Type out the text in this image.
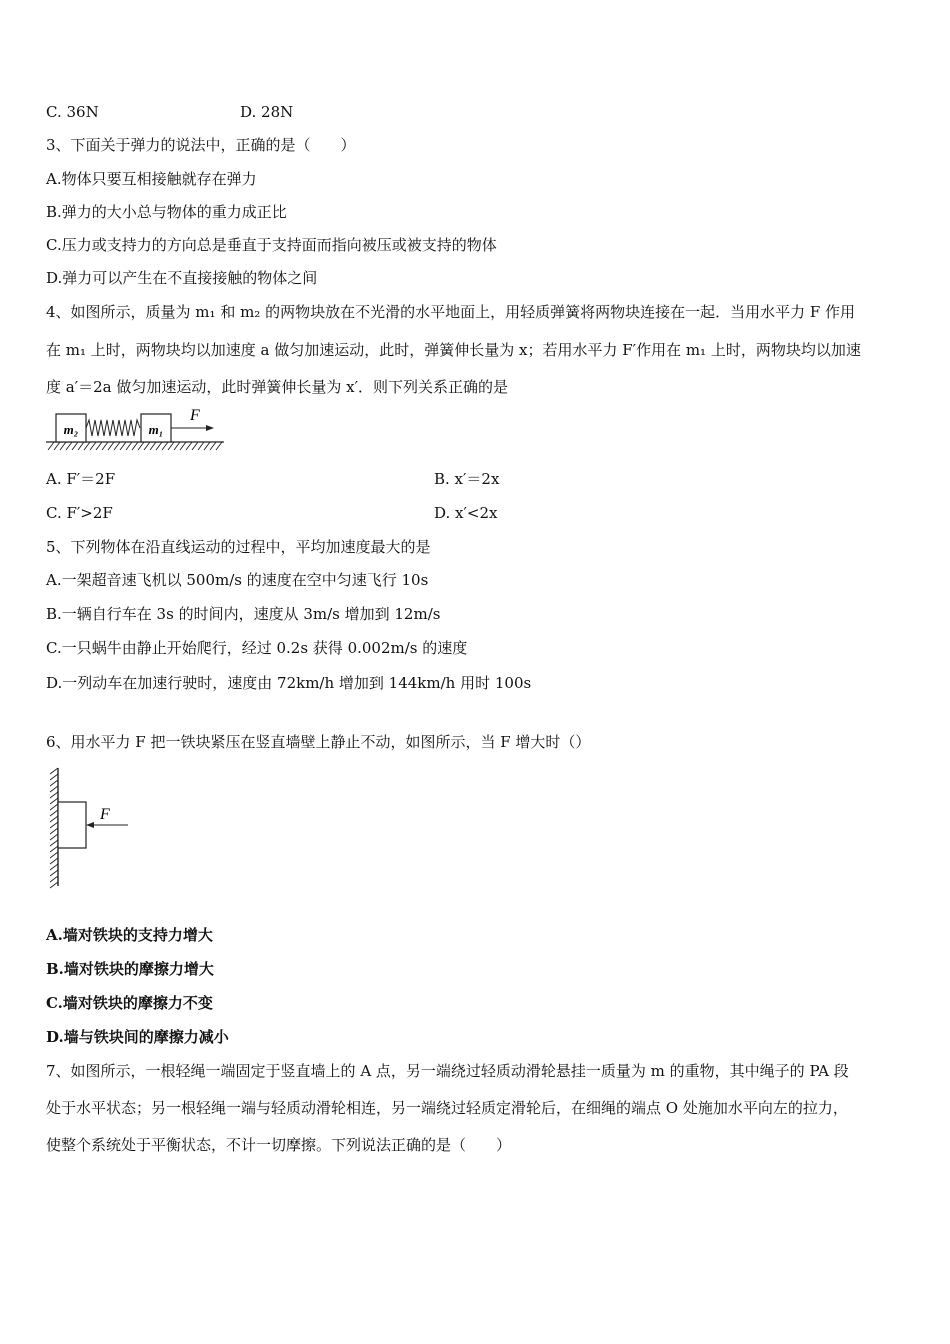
C. 36N	D. 28N
3、下面关于弹力的说法中，正确的是（　　）
A.物体只要互相接触就存在弹力
B.弹力的大小总与物体的重力成正比
C.压力或支持力的方向总是垂直于支持面而指向被压或被支持的物体
D.弹力可以产生在不直接接触的物体之间
4、如图所示，质量为 m₁ 和 m₂ 的两物块放在不光滑的水平地面上，用轻质弹簧将两物块连接在一起．当用水平力 F 作用
在 m₁ 上时，两物块均以加速度 a 做匀加速运动，此时，弹簧伸长量为 x；若用水平力 F′作用在 m₁ 上时，两物块均以加速
度 a′＝2a 做匀加速运动，此时弹簧伸长量为 x′．则下列关系正确的是
m₂	m₁
F
A. F′＝2F	B. x′＝2x
C. F′>2F	D. x′<2x
5、下列物体在沿直线运动的过程中，平均加速度最大的是
A.一架超音速飞机以 500m/s 的速度在空中匀速飞行 10s
B.一辆自行车在 3s 的时间内，速度从 3m/s 增加到 12m/s
C.一只蜗牛由静止开始爬行，经过 0.2s 获得 0.002m/s 的速度
D.一列动车在加速行驶时，速度由 72km/h 增加到 144km/h 用时 100s
6、用水平力 F 把一铁块紧压在竖直墙壁上静止不动，如图所示，当 F 增大时（）
F
A.墙对铁块的支持力增大
B.墙对铁块的摩擦力增大
C.墙对铁块的摩擦力不变
D.墙与铁块间的摩擦力减小
7、如图所示，一根轻绳一端固定于竖直墙上的 A 点，另一端绕过轻质动滑轮悬挂一质量为 m 的重物，其中绳子的 PA 段
处于水平状态；另一根轻绳一端与轻质动滑轮相连，另一端绕过轻质定滑轮后，在细绳的端点 O 处施加水平向左的拉力，
使整个系统处于平衡状态，不计一切摩擦。下列说法正确的是（　　）
